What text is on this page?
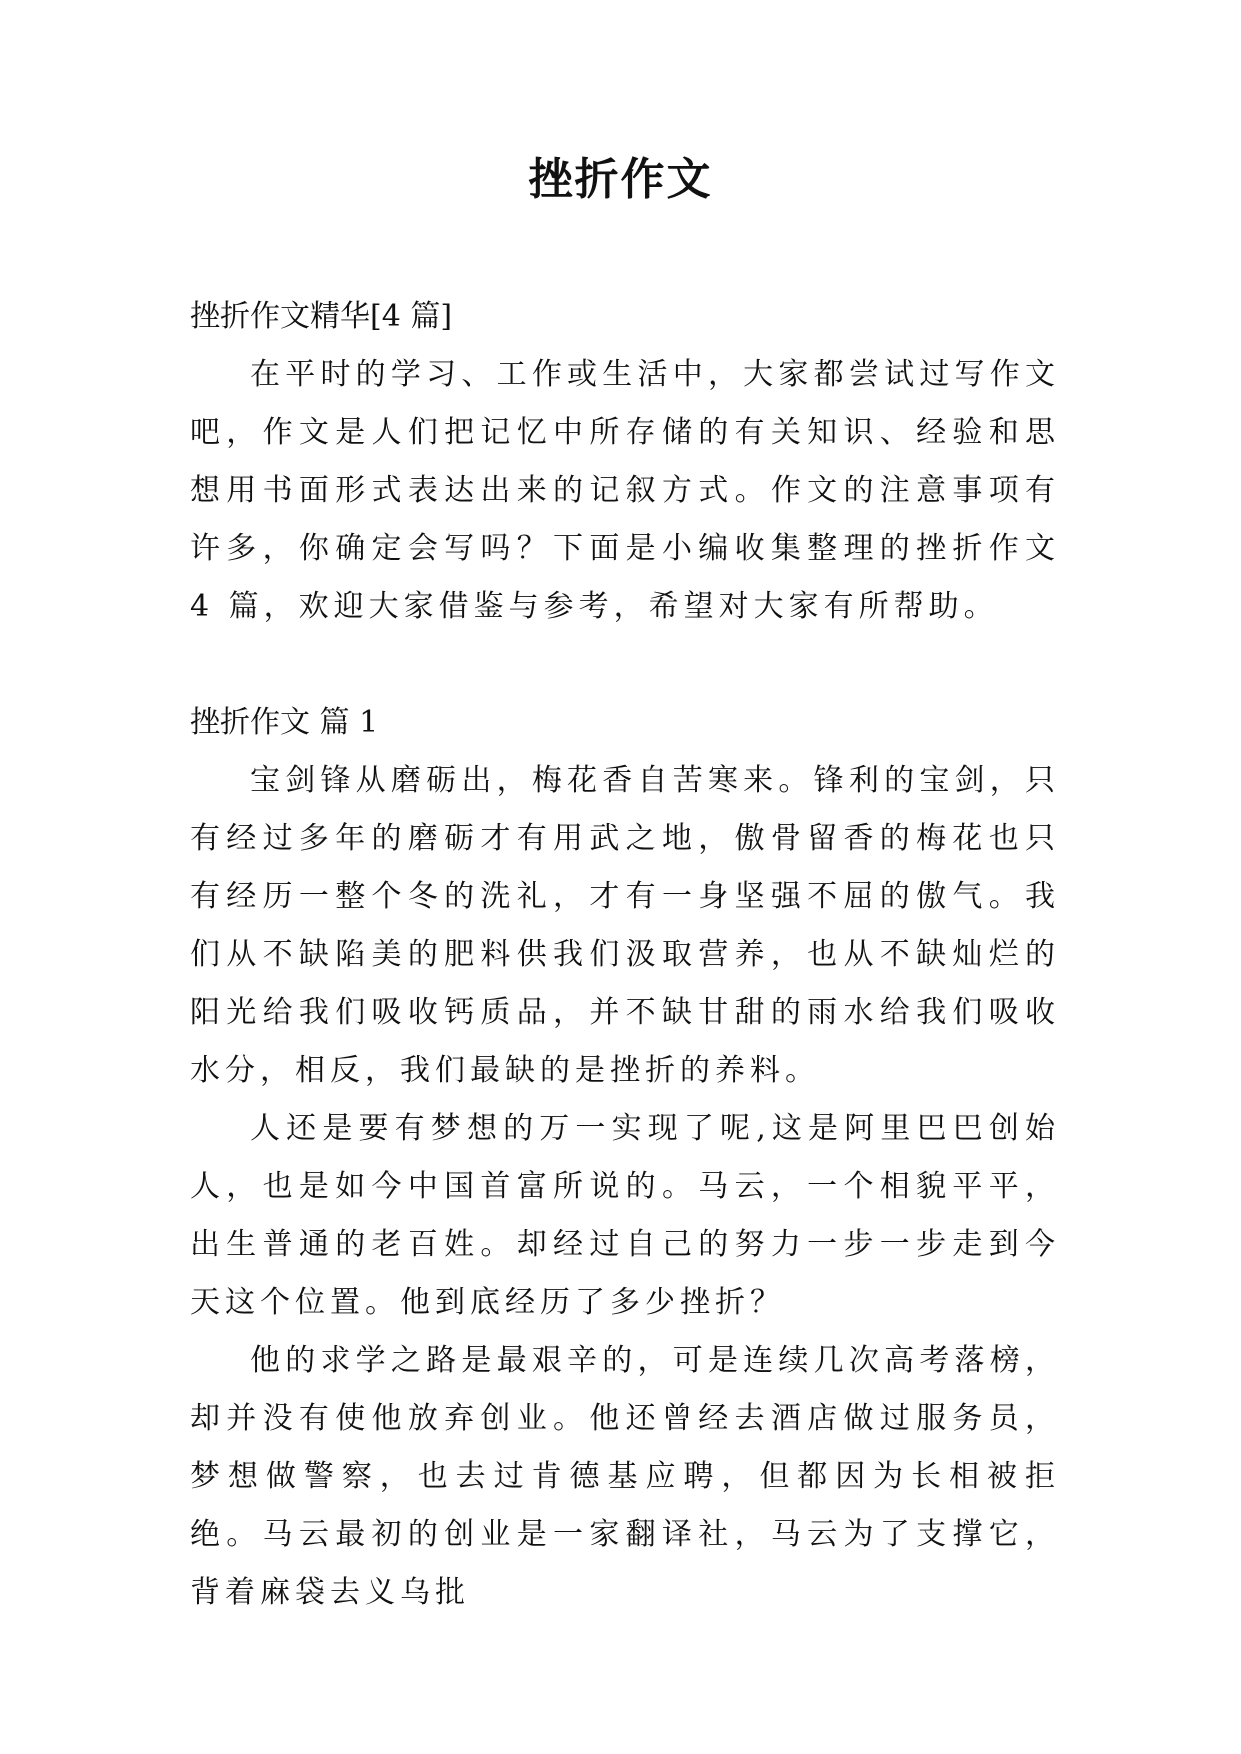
挫折作文

挫折作文精华[4 篇]

在平时的学习、工作或生活中，大家都尝试过写作文吧，作文是人们把记忆中所存储的有关知识、经验和思想用书面形式表达出来的记叙方式。作文的注意事项有许多，你确定会写吗？下面是小编收集整理的挫折作文 4 篇，欢迎大家借鉴与参考，希望对大家有所帮助。

挫折作文 篇 1

宝剑锋从磨砺出，梅花香自苦寒来。锋利的宝剑，只有经过多年的磨砺才有用武之地，傲骨留香的梅花也只有经历一整个冬的洗礼，才有一身坚强不屈的傲气。我们从不缺陷美的肥料供我们汲取营养，也从不缺灿烂的阳光给我们吸收钙质品，并不缺甘甜的雨水给我们吸收水分，相反，我们最缺的是挫折的养料。

人还是要有梦想的万一实现了呢,这是阿里巴巴创始人，也是如今中国首富所说的。马云，一个相貌平平，出生普通的老百姓。却经过自己的努力一步一步走到今天这个位置。他到底经历了多少挫折？

他的求学之路是最艰辛的，可是连续几次高考落榜，却并没有使他放弃创业。他还曾经去酒店做过服务员，梦想做警察，也去过肯德基应聘，但都因为长相被拒绝。马云最初的创业是一家翻译社，马云为了支撑它，背着麻袋去义乌批
